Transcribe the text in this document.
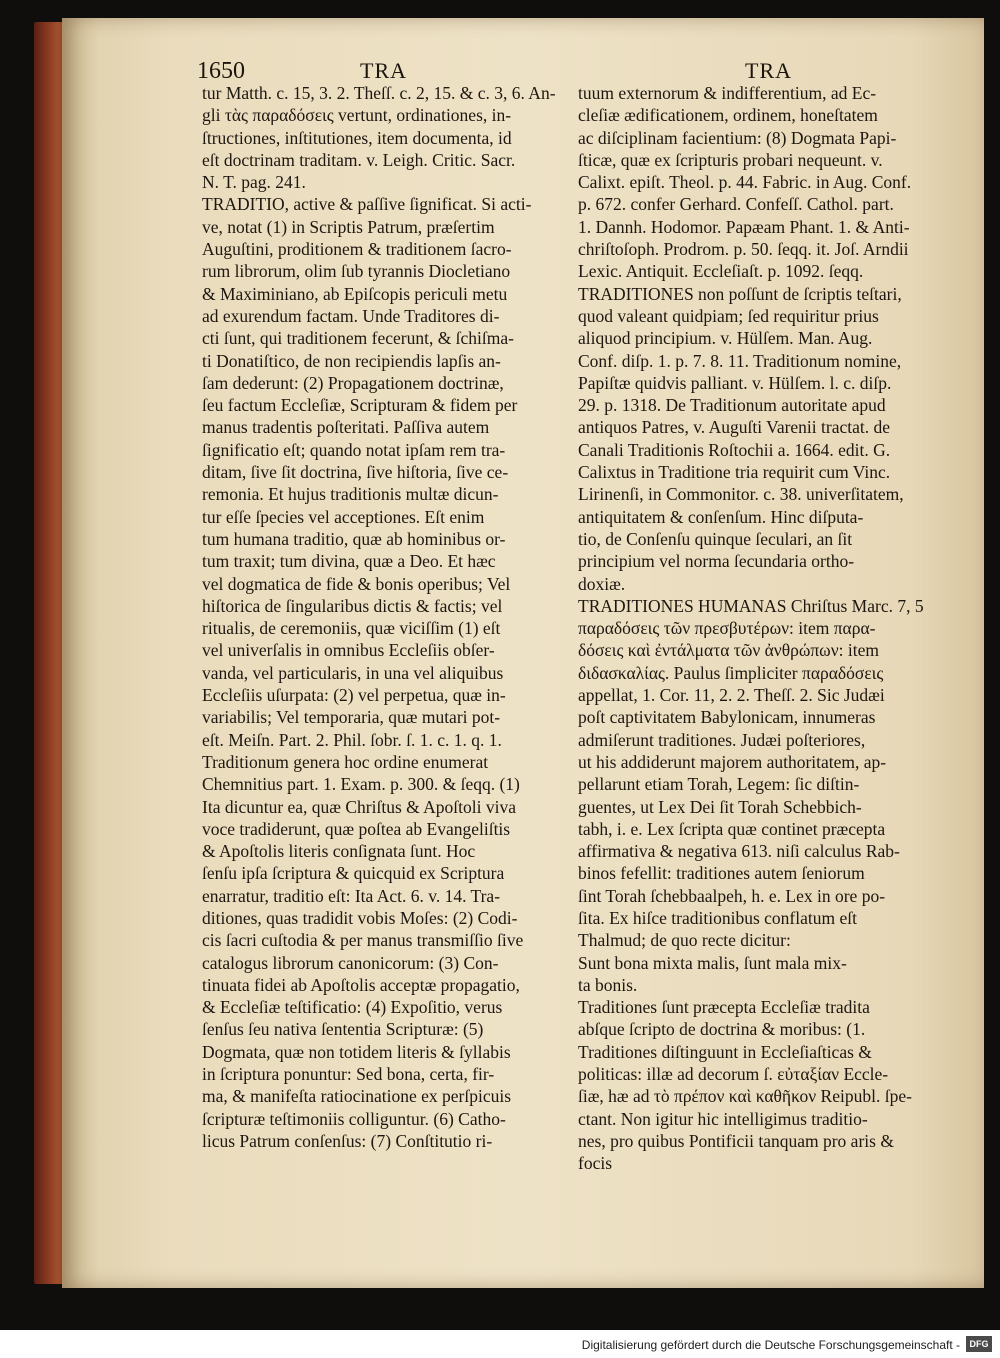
1650	TRA	TRA
tur Matth. c. 15, 3. 2. Theſſ. c. 2, 15. & c. 3, 6. An-
gli τὰς παραδόσεις vertunt, ordinationes, in-
ſtructiones, inſtitutiones, item documenta, id
eſt doctrinam traditam. v. Leigh. Critic. Sacr.
N. T. pag. 241.
TRADITIO, active & paſſive ſignificat. Si acti-
ve, notat (1) in Scriptis Patrum, præſertim
Auguſtini, proditionem & traditionem ſacro-
rum librorum, olim ſub tyrannis Diocletiano
& Maximiniano, ab Epiſcopis periculi metu
ad exurendum factam. Unde Traditores di-
cti ſunt, qui traditionem fecerunt, & ſchiſma-
ti Donatiſtico, de non recipiendis lapſis an-
ſam dederunt: (2) Propagationem doctrinæ,
ſeu factum Eccleſiæ, Scripturam & fidem per
manus tradentis poſteritati. Paſſiva autem
ſignificatio eſt; quando notat ipſam rem tra-
ditam, ſive ſit doctrina, ſive hiſtoria, ſive ce-
remonia. Et hujus traditionis multæ dicun-
tur eſſe ſpecies vel acceptiones. Eſt enim
tum humana traditio, quæ ab hominibus or-
tum traxit; tum divina, quæ a Deo. Et hæc
vel dogmatica de fide & bonis operibus; Vel
hiſtorica de ſingularibus dictis & factis; vel
ritualis, de ceremoniis, quæ viciſſim (1) eſt
vel univerſalis in omnibus Eccleſiis obſer-
vanda, vel particularis, in una vel aliquibus
Eccleſiis uſurpata: (2) vel perpetua, quæ in-
variabilis; Vel temporaria, quæ mutari pot-
eſt. Meiſn. Part. 2. Phil. ſobr. ſ. 1. c. 1. q. 1.
Traditionum genera hoc ordine enumerat
Chemnitius part. 1. Exam. p. 300. & ſeqq. (1)
Ita dicuntur ea, quæ Chriſtus & Apoſtoli viva
voce tradiderunt, quæ poſtea ab Evangeliſtis
& Apoſtolis literis conſignata ſunt. Hoc
ſenſu ipſa ſcriptura & quicquid ex Scriptura
enarratur, traditio eſt: Ita Act. 6. v. 14. Tra-
ditiones, quas tradidit vobis Moſes: (2) Codi-
cis ſacri cuſtodia & per manus transmiſſio ſive
catalogus librorum canonicorum: (3) Con-
tinuata fidei ab Apoſtolis acceptæ propagatio,
& Eccleſiæ teſtificatio: (4) Expoſitio, verus
ſenſus ſeu nativa ſententia Scripturæ: (5)
Dogmata, quæ non totidem literis & ſyllabis
in ſcriptura ponuntur: Sed bona, certa, fir-
ma, & manifeſta ratiocinatione ex perſpicuis
ſcripturæ teſtimoniis colliguntur. (6) Catho-
licus Patrum conſenſus: (7) Conſtitutio ri-
tuum externorum & indifferentium, ad Ec-
cleſiæ ædificationem, ordinem, honeſtatem
ac diſciplinam facientium: (8) Dogmata Papi-
ſticæ, quæ ex ſcripturis probari nequeunt. v.
Calixt. epiſt. Theol. p. 44. Fabric. in Aug. Conf.
p. 672. confer Gerhard. Confeſſ. Cathol. part.
1. Dannh. Hodomor. Papæam Phant. 1. & Anti-
chriſtoſoph. Prodrom. p. 50. ſeqq. it. Joſ. Arndii
Lexic. Antiquit. Eccleſiaſt. p. 1092. ſeqq.
TRADITIONES non poſſunt de ſcriptis teſtari,
quod valeant quidpiam; ſed requiritur prius
aliquod principium. v. Hülſem. Man. Aug.
Conf. diſp. 1. p. 7. 8. 11. Traditionum nomine,
Papiſtæ quidvis palliant. v. Hülſem. l. c. diſp.
29. p. 1318. De Traditionum autoritate apud
antiquos Patres, v. Auguſti Varenii tractat. de
Canali Traditionis Roſtochii a. 1664. edit. G.
Calixtus in Traditione tria requirit cum Vinc.
Lirinenſi, in Commonitor. c. 38. univerſitatem,
antiquitatem & conſenſum. Hinc diſputa-
tio, de Conſenſu quinque ſeculari, an ſit
principium vel norma ſecundaria ortho-
doxiæ.
TRADITIONES HUMANAS Chriſtus Marc. 7, 5
παραδόσεις τῶν πρεσβυτέρων: item παρα-
δόσεις καὶ ἐντάλματα τῶν ἀνθρώπων: item
διδασκαλίας. Paulus ſimpliciter παραδόσεις
appellat, 1. Cor. 11, 2. 2. Theſſ. 2. Sic Judæi
poſt captivitatem Babylonicam, innumeras
admiſerunt traditiones. Judæi poſteriores,
ut his addiderunt majorem authoritatem, ap-
pellarunt etiam Torah, Legem: ſic diſtin-
guentes, ut Lex Dei ſit Torah Schebbich-
tabh, i. e. Lex ſcripta quæ continet præcepta
affirmativa & negativa 613. niſi calculus Rab-
binos fefellit: traditiones autem ſeniorum
ſint Torah ſchebbaalpeh, h. e. Lex in ore po-
ſita. Ex hiſce traditionibus conflatum eſt
Thalmud; de quo recte dicitur:
Sunt bona mixta malis, ſunt mala mix-
ta bonis.
Traditiones ſunt præcepta Eccleſiæ tradita
abſque ſcripto de doctrina & moribus: (1.
Traditiones diſtinguunt in Eccleſiaſticas &
politicas: illæ ad decorum ſ. εὐταξίαν Eccle-
ſiæ, hæ ad τὸ πρέπον καὶ καθῆκον Reipubl. ſpe-
ctant. Non igitur hic intelligimus traditio-
nes, pro quibus Pontificii tanquam pro aris &
focis
Digitalisierung gefördert durch die Deutsche Forschungsgemeinschaft -	DFG
